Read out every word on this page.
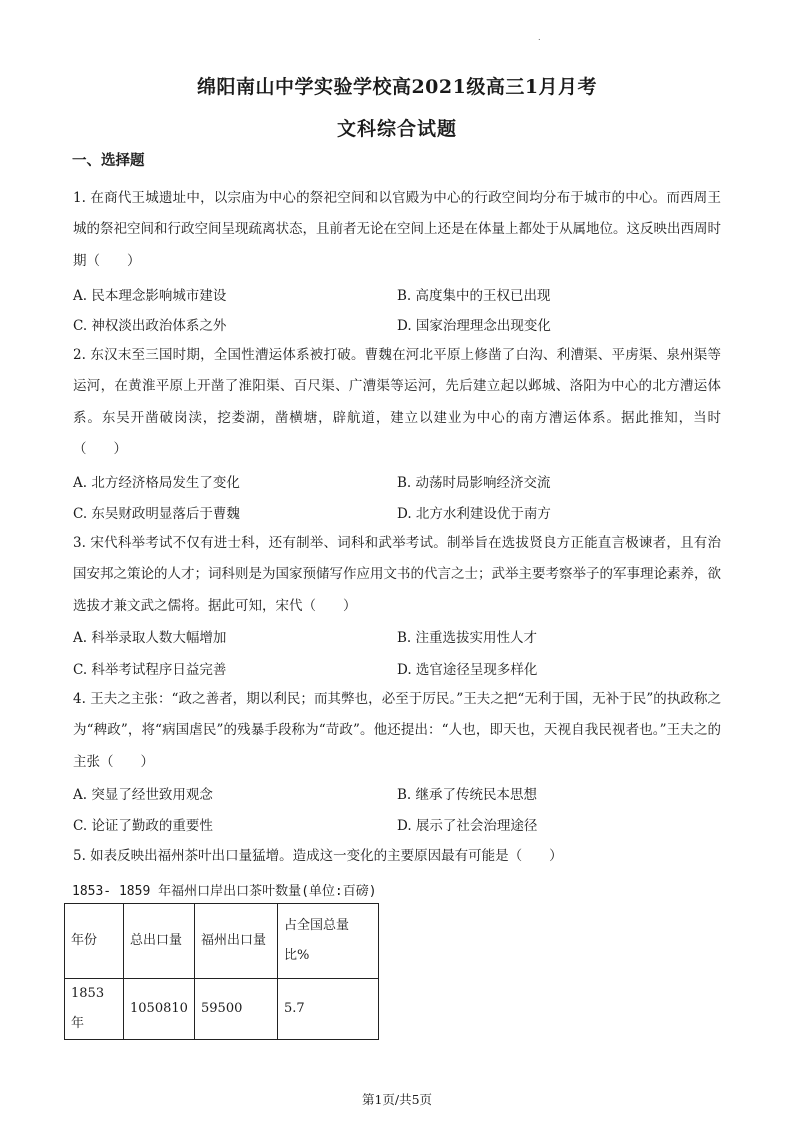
.
绵阳南山中学实验学校高2021级高三1月月考
文科综合试题
一、选择题
1. 在商代王城遗址中，以宗庙为中心的祭祀空间和以官殿为中心的行政空间均分布于城市的中心。而西周王城的祭祀空间和行政空间呈现疏离状态，且前者无论在空间上还是在体量上都处于从属地位。这反映出西周时期（　　）
A. 民本理念影响城市建设	B. 高度集中的王权已出现
C. 神权淡出政治体系之外	D. 国家治理理念出现变化
2. 东汉末至三国时期，全国性漕运体系被打破。曹魏在河北平原上修凿了白沟、利漕渠、平虏渠、泉州渠等运河，在黄淮平原上开凿了淮阳渠、百尺渠、广漕渠等运河，先后建立起以邺城、洛阳为中心的北方漕运体系。东吴开凿破岗渎，挖娄湖，凿横塘，辟航道，建立以建业为中心的南方漕运体系。据此推知，当时（　　）
A. 北方经济格局发生了变化	B. 动荡时局影响经济交流
C. 东吴财政明显落后于曹魏	D. 北方水利建设优于南方
3. 宋代科举考试不仅有进士科，还有制举、词科和武举考试。制举旨在选拔贤良方正能直言极谏者，且有治国安邦之策论的人才；词科则是为国家预储写作应用文书的代言之士；武举主要考察举子的军事理论素养，欲选拔才兼文武之儒将。据此可知，宋代（　　）
A. 科举录取人数大幅增加	B. 注重选拔实用性人才
C. 科举考试程序日益完善	D. 选官途径呈现多样化
4. 王夫之主张：“政之善者，期以利民；而其弊也，必至于厉民。”王夫之把“无利于国，无补于民”的执政称之为“稗政”，将“病国虐民”的残暴手段称为“苛政”。他还提出：“人也，即天也，天视自我民视者也。”王夫之的主张（　　）
A. 突显了经世致用观念	B. 继承了传统民本思想
C. 论证了勤政的重要性	D. 展示了社会治理途径
5. 如表反映出福州茶叶出口量猛增。造成这一变化的主要原因最有可能是（　　）
1853- 1859 年福州口岸出口茶叶数量(单位:百磅)
年份	总出口量	福州出口量	占全国总量比%
1853年	1050810	59500	5.7
第1页/共5页
